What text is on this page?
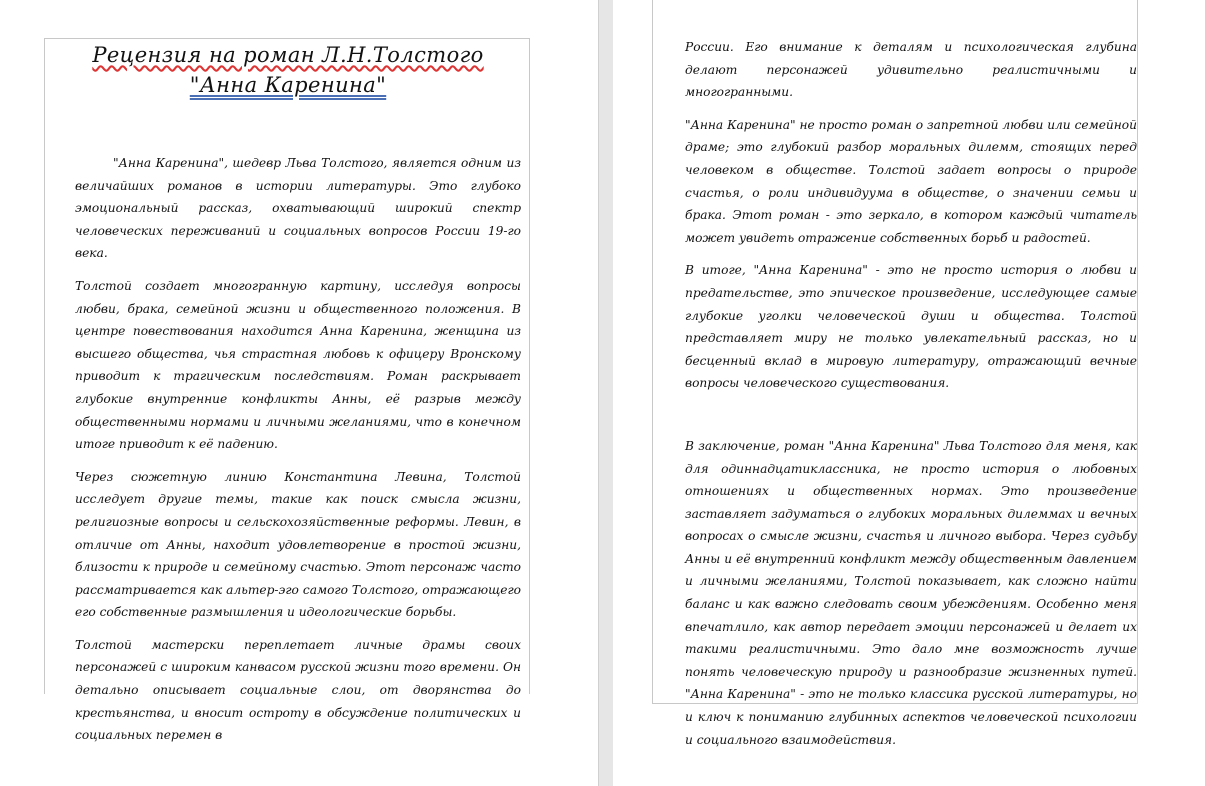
Рецензия на роман Л.Н.Толстого
"Анна Каренина"

"Анна Каренина", шедевр Льва Толстого, является одним из величайших романов в истории литературы. Это глубоко эмоциональный рассказ, охватывающий широкий спектр человеческих переживаний и социальных вопросов России 19-го века.

Толстой создает многогранную картину, исследуя вопросы любви, брака, семейной жизни и общественного положения. В центре повествования находится Анна Каренина, женщина из высшего общества, чья страстная любовь к офицеру Вронскому приводит к трагическим последствиям. Роман раскрывает глубокие внутренние конфликты Анны, её разрыв между общественными нормами и личными желаниями, что в конечном итоге приводит к её падению.

Через сюжетную линию Константина Левина, Толстой исследует другие темы, такие как поиск смысла жизни, религиозные вопросы и сельскохозяйственные реформы. Левин, в отличие от Анны, находит удовлетворение в простой жизни, близости к природе и семейному счастью. Этот персонаж часто рассматривается как альтер-эго самого Толстого, отражающего его собственные размышления и идеологические борьбы.

Толстой мастерски переплетает личные драмы своих персонажей с широким канвасом русской жизни того времени. Он детально описывает социальные слои, от дворянства до крестьянства, и вносит остроту в обсуждение политических и социальных перемен в

России. Его внимание к деталям и психологическая глубина делают персонажей удивительно реалистичными и многогранными.

"Анна Каренина" не просто роман о запретной любви или семейной драме; это глубокий разбор моральных дилемм, стоящих перед человеком в обществе. Толстой задает вопросы о природе счастья, о роли индивидуума в обществе, о значении семьи и брака. Этот роман - это зеркало, в котором каждый читатель может увидеть отражение собственных борьб и радостей.

В итоге, "Анна Каренина" - это не просто история о любви и предательстве, это эпическое произведение, исследующее самые глубокие уголки человеческой души и общества. Толстой представляет миру не только увлекательный рассказ, но и бесценный вклад в мировую литературу, отражающий вечные вопросы человеческого существования.

В заключение, роман "Анна Каренина" Льва Толстого для меня, как для одиннадцатиклассника, не просто история о любовных отношениях и общественных нормах. Это произведение заставляет задуматься о глубоких моральных дилеммах и вечных вопросах о смысле жизни, счастья и личного выбора. Через судьбу Анны и её внутренний конфликт между общественным давлением и личными желаниями, Толстой показывает, как сложно найти баланс и как важно следовать своим убеждениям. Особенно меня впечатлило, как автор передает эмоции персонажей и делает их такими реалистичными. Это дало мне возможность лучше понять человеческую природу и разнообразие жизненных путей. "Анна Каренина" - это не только классика русской литературы, но и ключ к пониманию глубинных аспектов человеческой психологии и социального взаимодействия.
